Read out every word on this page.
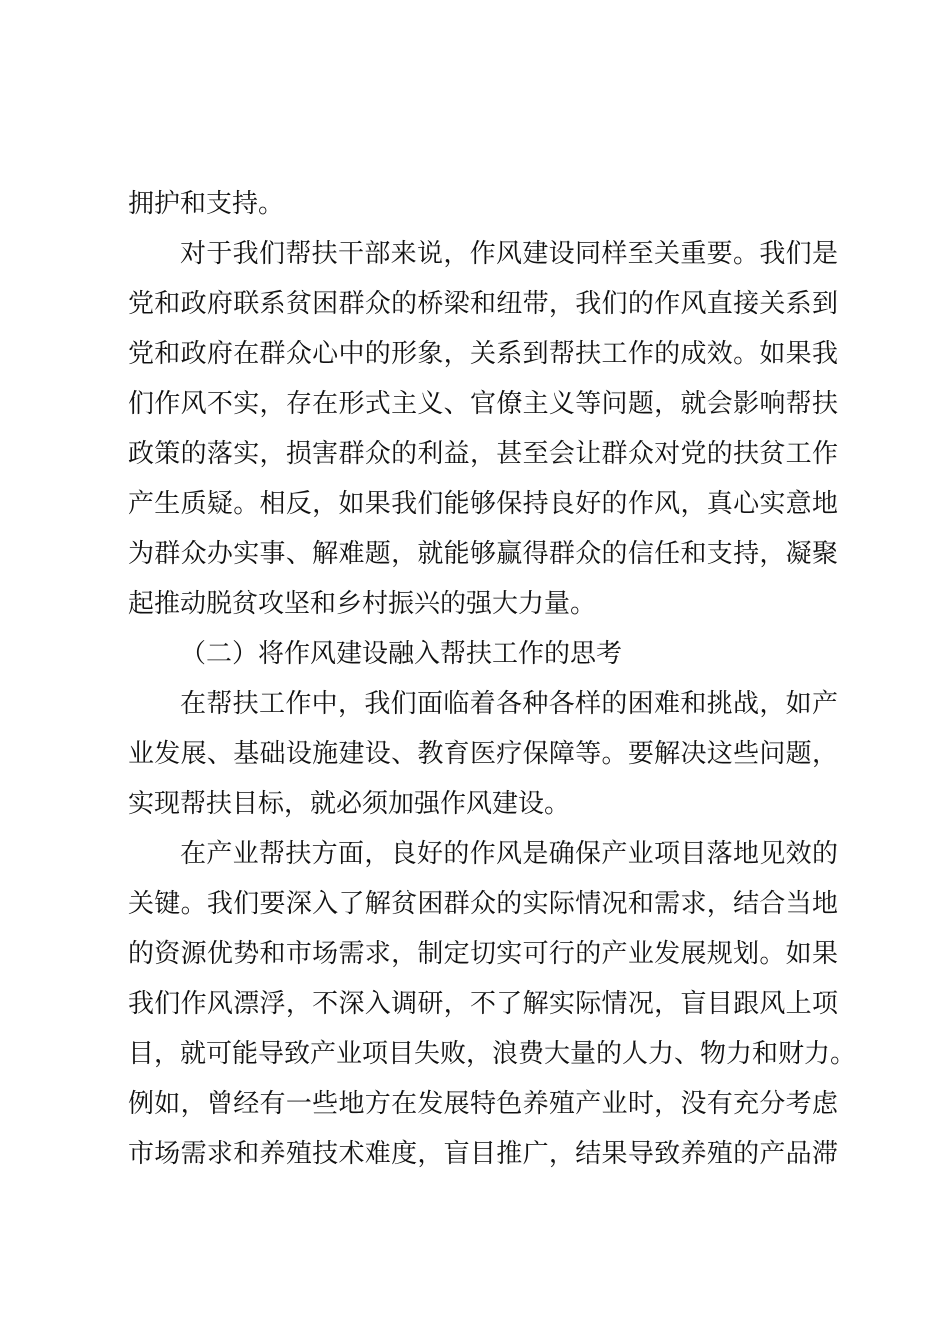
拥护和支持。
对于我们帮扶干部来说，作风建设同样至关重要。我们是
党和政府联系贫困群众的桥梁和纽带，我们的作风直接关系到
党和政府在群众心中的形象，关系到帮扶工作的成效。如果我
们作风不实，存在形式主义、官僚主义等问题，就会影响帮扶
政策的落实，损害群众的利益，甚至会让群众对党的扶贫工作
产生质疑。相反，如果我们能够保持良好的作风，真心实意地
为群众办实事、解难题，就能够赢得群众的信任和支持，凝聚
起推动脱贫攻坚和乡村振兴的强大力量。
（二）将作风建设融入帮扶工作的思考
在帮扶工作中，我们面临着各种各样的困难和挑战，如产
业发展、基础设施建设、教育医疗保障等。要解决这些问题，
实现帮扶目标，就必须加强作风建设。
在产业帮扶方面，良好的作风是确保产业项目落地见效的
关键。我们要深入了解贫困群众的实际情况和需求，结合当地
的资源优势和市场需求，制定切实可行的产业发展规划。如果
我们作风漂浮，不深入调研，不了解实际情况，盲目跟风上项
目，就可能导致产业项目失败，浪费大量的人力、物力和财力。
例如，曾经有一些地方在发展特色养殖产业时，没有充分考虑
市场需求和养殖技术难度，盲目推广，结果导致养殖的产品滞
